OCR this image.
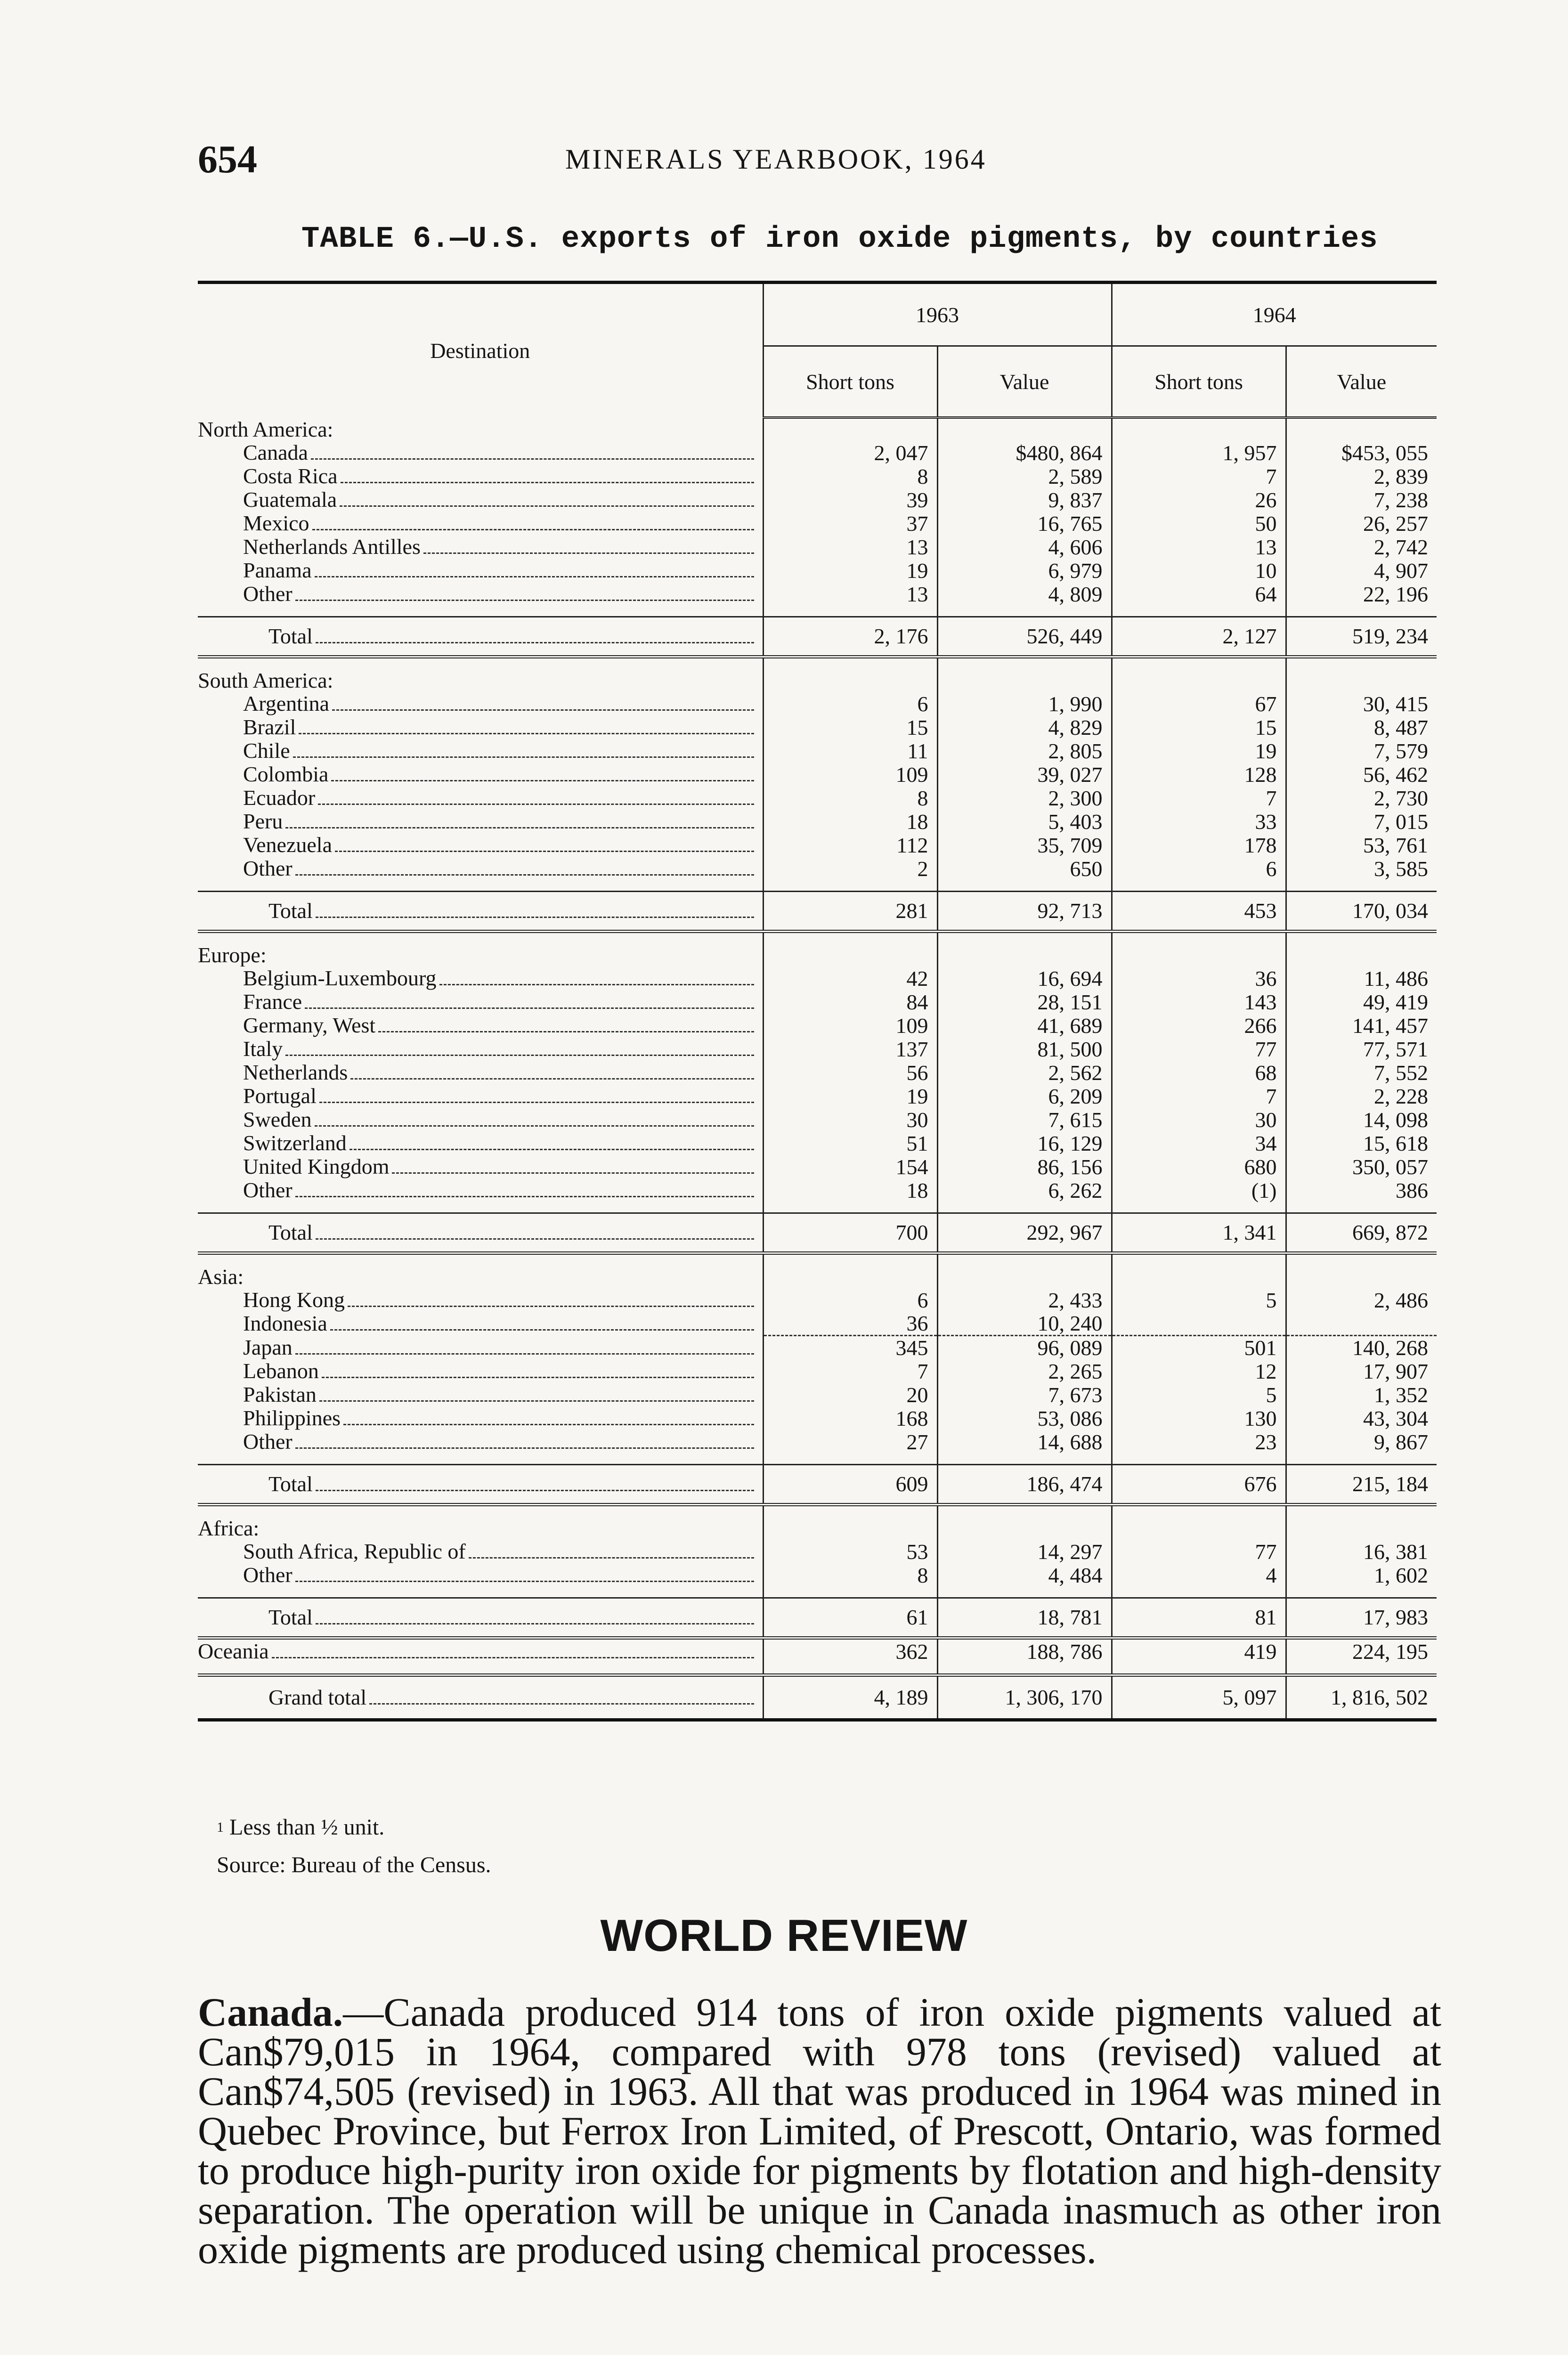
654	MINERALS YEARBOOK, 1964
TABLE 6.—U.S. exports of iron oxide pigments, by countries
Destination	1963		1964	
	Short tons	Value	Short tons	Value

North America:				

Canada	2, 047	$480, 864	1, 957	$453, 055

Costa Rica	8	2, 589	7	2, 839

Guatemala	39	9, 837	26	7, 238

Mexico	37	16, 765	50	26, 257

Netherlands Antilles	13	4, 606	13	2, 742

Panama	19	6, 979	10	4, 907

Other	13	4, 809	64	22, 196

Total	2, 176	526, 449	2, 127	519, 234

South America:				

Argentina	6	1, 990	67	30, 415

Brazil	15	4, 829	15	8, 487

Chile	11	2, 805	19	7, 579

Colombia	109	39, 027	128	56, 462

Ecuador	8	2, 300	7	2, 730

Peru	18	5, 403	33	7, 015

Venezuela	112	35, 709	178	53, 761

Other	2	650	6	3, 585

Total	281	92, 713	453	170, 034

Europe:				

Belgium-Luxembourg	42	16, 694	36	11, 486

France	84	28, 151	143	49, 419

Germany, West	109	41, 689	266	141, 457

Italy	137	81, 500	77	77, 571

Netherlands	56	2, 562	68	7, 552

Portugal	19	6, 209	7	2, 228

Sweden	30	7, 615	30	14, 098

Switzerland	51	16, 129	34	15, 618

United Kingdom	154	86, 156	680	350, 057

Other	18	6, 262	(1)	386

Total	700	292, 967	1, 341	669, 872

Asia:				

Hong Kong	6	2, 433	5	2, 486

Indonesia	36	10, 240		

Japan	345	96, 089	501	140, 268

Lebanon	7	2, 265	12	17, 907

Pakistan	20	7, 673	5	1, 352

Philippines	168	53, 086	130	43, 304

Other	27	14, 688	23	9, 867

Total	609	186, 474	676	215, 184

Africa:				

South Africa, Republic of	53	14, 297	77	16, 381

Other	8	4, 484	4	1, 602

Total	61	18, 781	81	17, 983

Oceania	362	188, 786	419	224, 195

Grand total	4, 189	1, 306, 170	5, 097	1, 816, 502
$^1$ Less than ½ unit.
Source: Bureau of the Census.
WORLD REVIEW
Canada.—Canada produced 914 tons of iron oxide pigments valued at Can$79,015 in 1964, compared with 978 tons (revised) valued at Can$74,505 (revised) in 1963. All that was produced in 1964 was mined in Quebec Province, but Ferrox Iron Limited, of Prescott, Ontario, was formed to produce high-purity iron oxide for pigments by flotation and high-density separation. The operation will be unique in Canada inasmuch as other iron oxide pigments are produced using chemical processes.
